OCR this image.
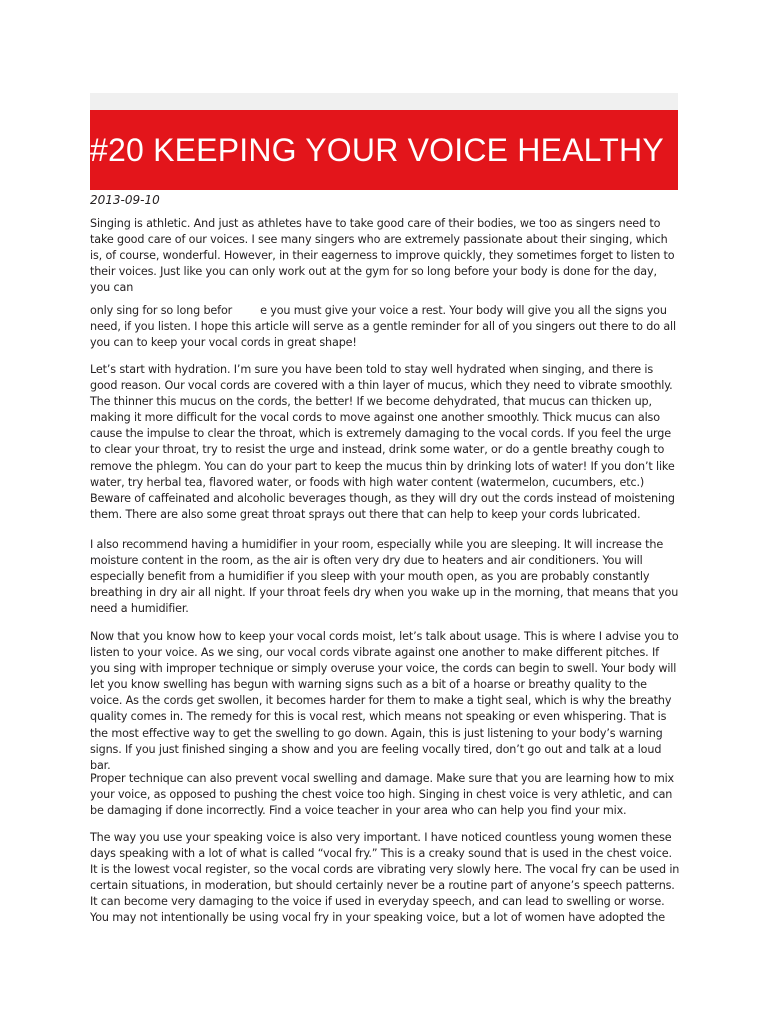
#20 KEEPING YOUR VOICE HEALTHY
2013-09-10

Singing is athletic. And just as athletes have to take good care of their bodies, we too as singers need to take good care of our voices. I see many singers who are extremely passionate about their singing, which is, of course, wonderful. However, in their eagerness to improve quickly, they sometimes forget to listen to their voices. Just like you can only work out at the gym for so long before your body is done for the day, you can

only sing for so long befor	e you must give your voice a rest. Your body will give you all the signs you need, if you listen. I hope this article will serve as a gentle reminder for all of you singers out there to do all you can to keep your vocal cords in great shape!

Let’s start with hydration. I’m sure you have been told to stay well hydrated when singing, and there is good reason. Our vocal cords are covered with a thin layer of mucus, which they need to vibrate smoothly. The thinner this mucus on the cords, the better! If we become dehydrated, that mucus can thicken up, making it more difficult for the vocal cords to move against one another smoothly. Thick mucus can also cause the impulse to clear the throat, which is extremely damaging to the vocal cords. If you feel the urge to clear your throat, try to resist the urge and instead, drink some water, or do a gentle breathy cough to remove the phlegm. You can do your part to keep the mucus thin by drinking lots of water! If you don’t like water, try herbal tea, flavored water, or foods with high water content (watermelon, cucumbers, etc.) Beware of caffeinated and alcoholic beverages though, as they will dry out the cords instead of moistening them. There are also some great throat sprays out there that can help to keep your cords lubricated.

I also recommend having a humidifier in your room, especially while you are sleeping. It will increase the moisture content in the room, as the air is often very dry due to heaters and air conditioners. You will especially benefit from a humidifier if you sleep with your mouth open, as you are probably constantly breathing in dry air all night. If your throat feels dry when you wake up in the morning, that means that you need a humidifier.

Now that you know how to keep your vocal cords moist, let’s talk about usage. This is where I advise you to listen to your voice. As we sing, our vocal cords vibrate against one another to make different pitches. If you sing with improper technique or simply overuse your voice, the cords can begin to swell. Your body will let you know swelling has begun with warning signs such as a bit of a hoarse or breathy quality to the voice. As the cords get swollen, it becomes harder for them to make a tight seal, which is why the breathy quality comes in. The remedy for this is vocal rest, which means not speaking or even whispering. That is the most effective way to get the swelling to go down. Again, this is just listening to your body’s warning signs. If you just finished singing a show and you are feeling vocally tired, don’t go out and talk at a loud bar.

Proper technique can also prevent vocal swelling and damage. Make sure that you are learning how to mix your voice, as opposed to pushing the chest voice too high. Singing in chest voice is very athletic, and can be damaging if done incorrectly. Find a voice teacher in your area who can help you find your mix.

The way you use your speaking voice is also very important. I have noticed countless young women these days speaking with a lot of what is called “vocal fry.” This is a creaky sound that is used in the chest voice. It is the lowest vocal register, so the vocal cords are vibrating very slowly here. The vocal fry can be used in certain situations, in moderation, but should certainly never be a routine part of anyone’s speech patterns. It can become very damaging to the voice if used in everyday speech, and can lead to swelling or worse. You may not intentionally be using vocal fry in your speaking voice, but a lot of women have adopted the
